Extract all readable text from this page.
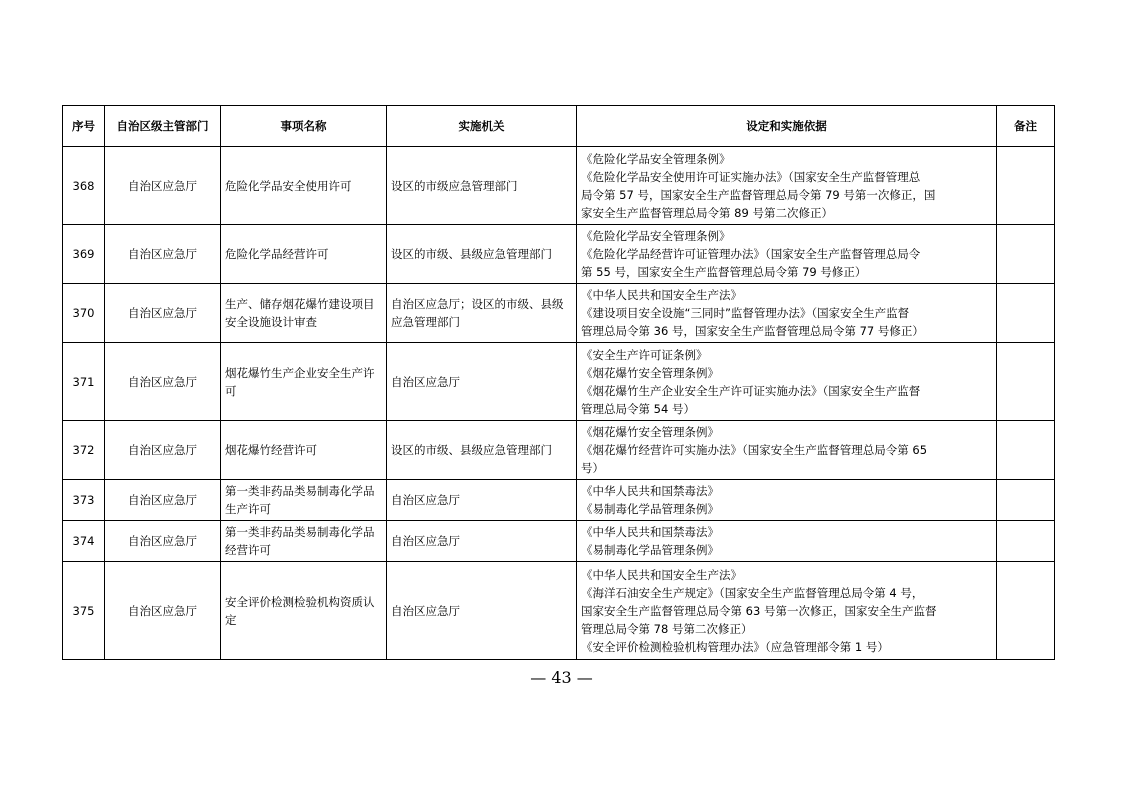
序号	自治区级主管部门	事项名称	实施机关	设定和实施依据	备注
368	自治区应急厅	危险化学品安全使用许可	设区的市级应急管理部门	《危险化学品安全管理条例》
《危险化学品安全使用许可证实施办法》（国家安全生产监督管理总
局令第 57 号，国家安全生产监督管理总局令第 79 号第一次修正，国
家安全生产监督管理总局令第 89 号第二次修正）	

369	自治区应急厅	危险化学品经营许可	设区的市级、县级应急管理部门	《危险化学品安全管理条例》
《危险化学品经营许可证管理办法》（国家安全生产监督管理总局令
第 55 号，国家安全生产监督管理总局令第 79 号修正）	

370	自治区应急厅	生产、储存烟花爆竹建设项目安全设施设计审查	自治区应急厅；设区的市级、县级应急管理部门	《中华人民共和国安全生产法》
《建设项目安全设施“三同时”监督管理办法》（国家安全生产监督
管理总局令第 36 号，国家安全生产监督管理总局令第 77 号修正）	

371	自治区应急厅	烟花爆竹生产企业安全生产许可	自治区应急厅	《安全生产许可证条例》
《烟花爆竹安全管理条例》
《烟花爆竹生产企业安全生产许可证实施办法》（国家安全生产监督
管理总局令第 54 号）	

372	自治区应急厅	烟花爆竹经营许可	设区的市级、县级应急管理部门	《烟花爆竹安全管理条例》
《烟花爆竹经营许可实施办法》（国家安全生产监督管理总局令第 65
号）	

373	自治区应急厅	第一类非药品类易制毒化学品生产许可	自治区应急厅	《中华人民共和国禁毒法》
《易制毒化学品管理条例》	

374	自治区应急厅	第一类非药品类易制毒化学品经营许可	自治区应急厅	《中华人民共和国禁毒法》
《易制毒化学品管理条例》	

375	自治区应急厅	安全评价检测检验机构资质认定	自治区应急厅	《中华人民共和国安全生产法》
《海洋石油安全生产规定》（国家安全生产监督管理总局令第 4 号，
国家安全生产监督管理总局令第 63 号第一次修正，国家安全生产监督
管理总局令第 78 号第二次修正）
《安全评价检测检验机构管理办法》（应急管理部令第 1 号）	

— 43 —
